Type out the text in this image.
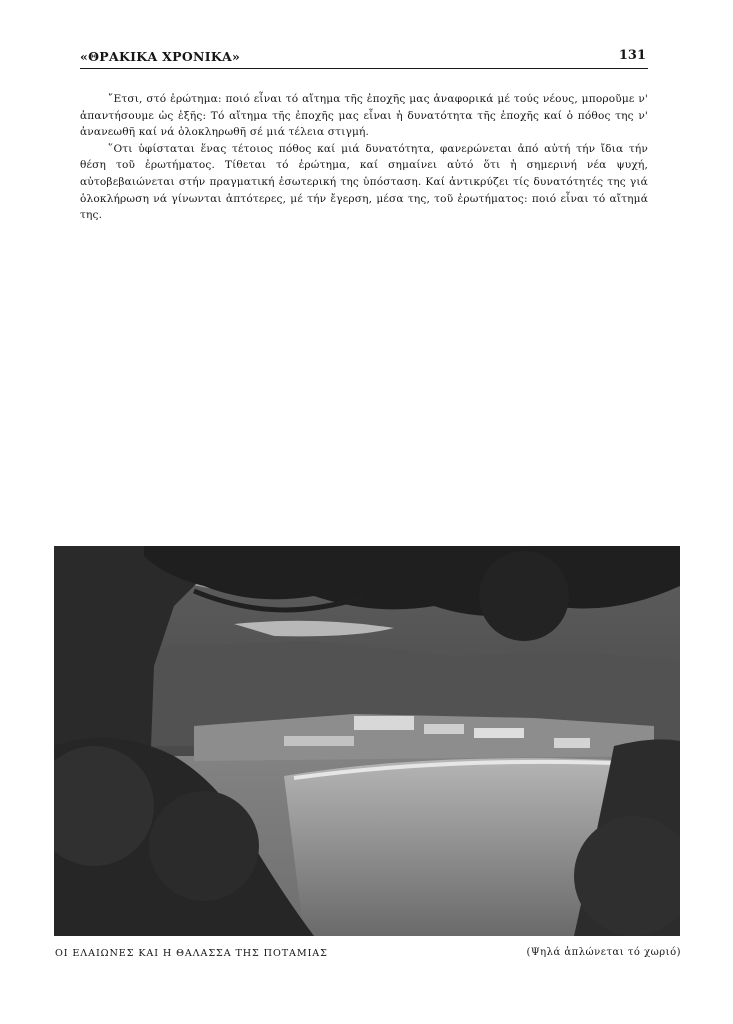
«ΘΡΑΚΙΚΑ ΧΡΟΝΙΚΑ»	131

῎Ετσι, στό ἐρώτημα: ποιό εἶναι τό αἴτημα τῆς ἐποχῆς μας ἀναφορικά μέ τούς νέους, μποροῦμε ν' ἀπαντήσουμε ὡς ἑξῆς: Τό αἴτημα τῆς ἐποχῆς μας εἶναι ἡ δυνατότητα τῆς ἐποχῆς καί ὁ πόθος της ν' ἀνανεωθῆ καί νά ὁλοκληρωθῆ σέ μιά τέλεια στιγμή.

῞Οτι ὑφίσταται ἕνας τέτοιος πόθος καί μιά δυνατότητα, φανερώνεται ἀπό αὐτή τήν ἴδια τήν θέση τοῦ ἐρωτήματος. Τίθεται τό ἐρώτημα, καί σημαίνει αὐτό ὅτι ἡ σημερινή νέα ψυχή, αὐτοβεβαιώνεται στήν πραγματική ἐσωτερική της ὑπόσταση. Καί ἀντικρύζει τίς δυνατότητές της γιά ὁλοκλήρωση νά γίνωνται ἁπτότερες, μέ τήν ἔγερση, μέσα της, τοῦ ἐρωτήματος: ποιό εἶναι τό αἴτημά της.

ΟΙ ΕΛΑΙΩΝΕΣ ΚΑΙ Η ΘΑΛΑΣΣΑ ΤΗΣ ΠΟΤΑΜΙΑΣ	(Ψηλά ἁπλώνεται τό χωριό)
